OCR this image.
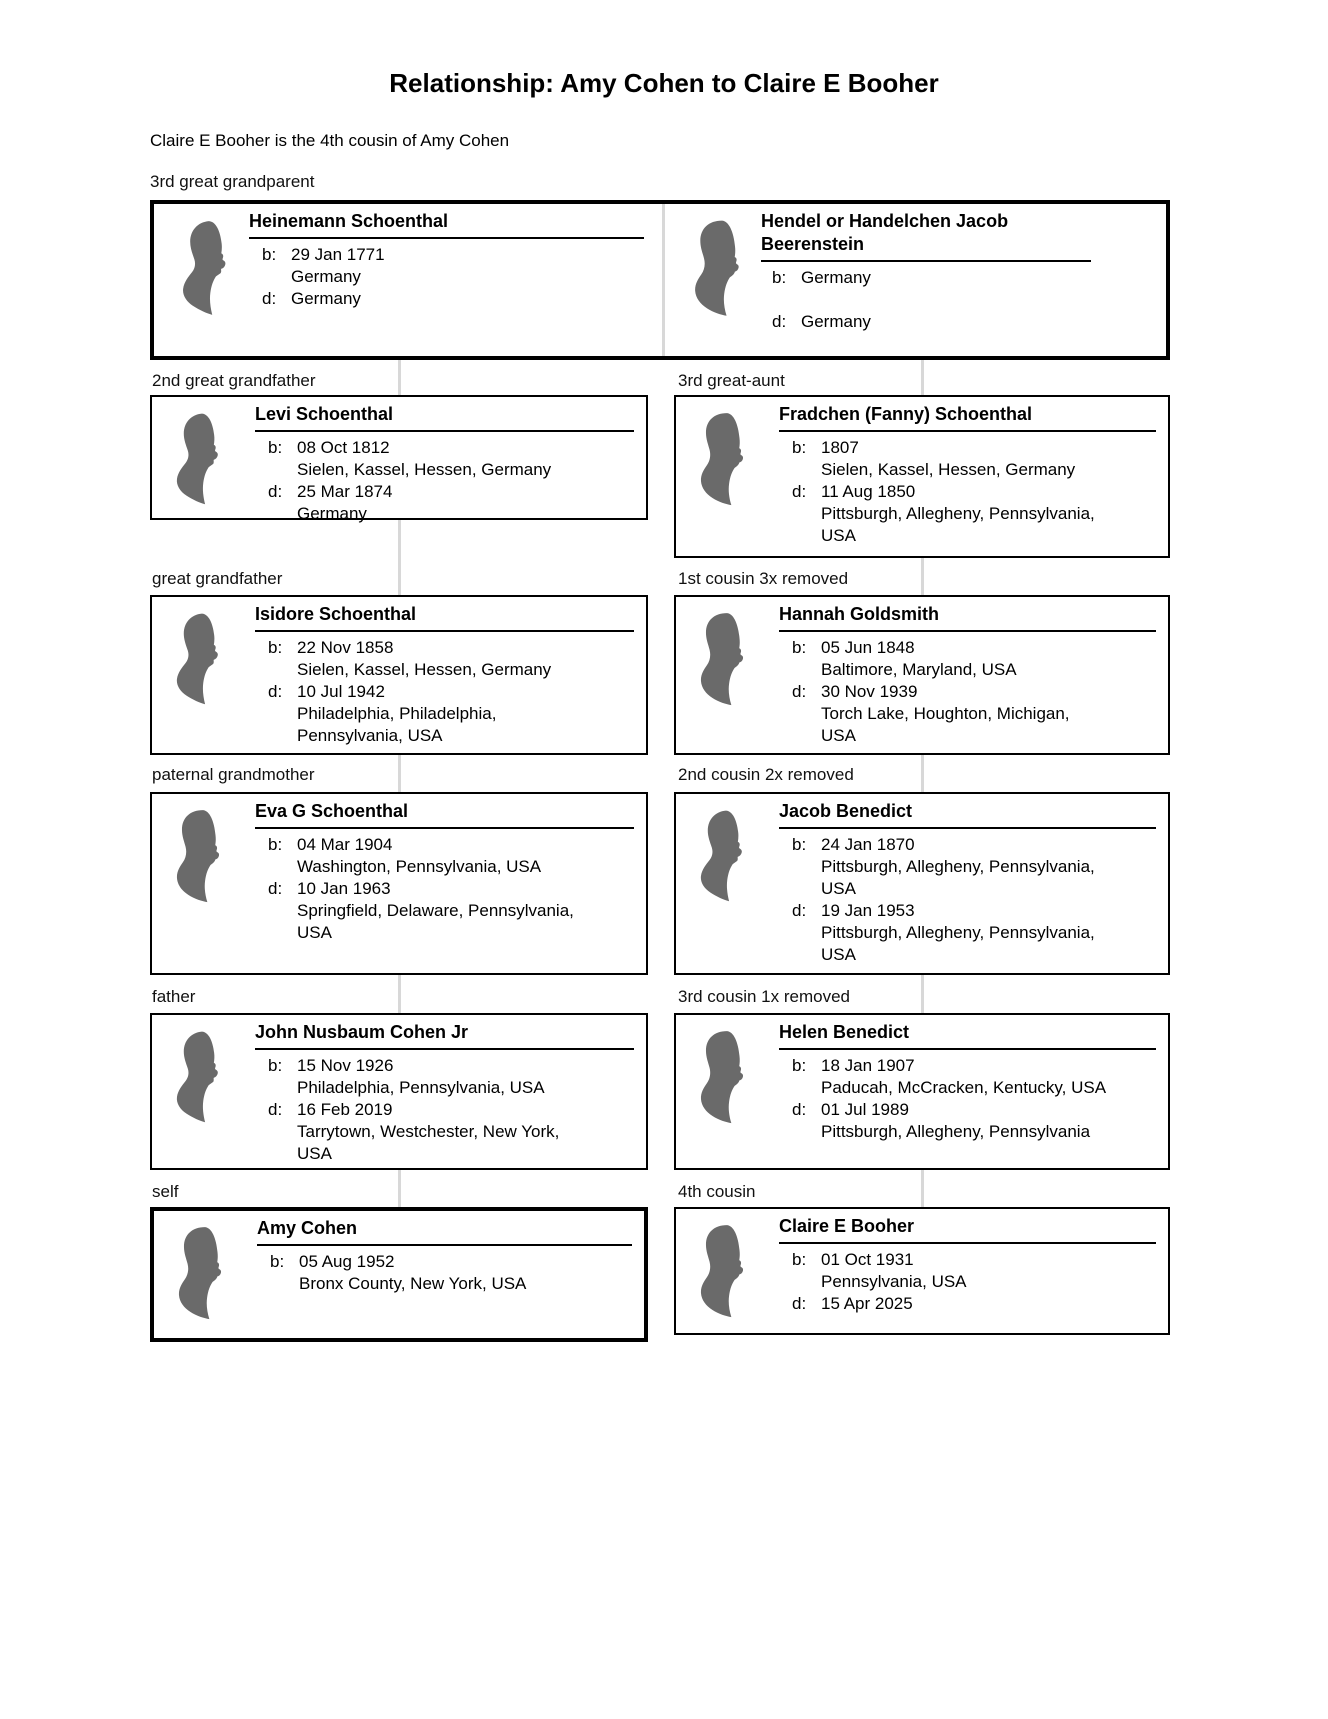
Relationship: Amy Cohen to Claire E Booher
Claire E Booher is the 4th cousin of Amy Cohen
3rd great grandparent
2nd great grandfather	3rd great-aunt
great grandfather	1st cousin 3x removed
paternal grandmother	2nd cousin 2x removed
father	3rd cousin 1x removed
self	4th cousin
Heinemann Schoenthal
b: 29 Jan 1771
Germany
d: Germany
Hendel or Handelchen Jacob Beerenstein
b: Germany
d: Germany
Levi Schoenthal
b: 08 Oct 1812
Sielen, Kassel, Hessen, Germany
d: 25 Mar 1874
Germany
Fradchen (Fanny) Schoenthal
b: 1807
Sielen, Kassel, Hessen, Germany
d: 11 Aug 1850
Pittsburgh, Allegheny, Pennsylvania,
USA
Isidore Schoenthal
b: 22 Nov 1858
Sielen, Kassel, Hessen, Germany
d: 10 Jul 1942
Philadelphia, Philadelphia,
Pennsylvania, USA
Hannah Goldsmith
b: 05 Jun 1848
Baltimore, Maryland, USA
d: 30 Nov 1939
Torch Lake, Houghton, Michigan,
USA
Eva G Schoenthal
b: 04 Mar 1904
Washington, Pennsylvania, USA
d: 10 Jan 1963
Springfield, Delaware, Pennsylvania,
USA
Jacob Benedict
b: 24 Jan 1870
Pittsburgh, Allegheny, Pennsylvania,
USA
d: 19 Jan 1953
Pittsburgh, Allegheny, Pennsylvania,
USA
John Nusbaum Cohen Jr
b: 15 Nov 1926
Philadelphia, Pennsylvania, USA
d: 16 Feb 2019
Tarrytown, Westchester, New York,
USA
Helen Benedict
b: 18 Jan 1907
Paducah, McCracken, Kentucky, USA
d: 01 Jul 1989
Pittsburgh, Allegheny, Pennsylvania
Amy Cohen
b: 05 Aug 1952
Bronx County, New York, USA
Claire E Booher
b: 01 Oct 1931
Pennsylvania, USA
d: 15 Apr 2025
